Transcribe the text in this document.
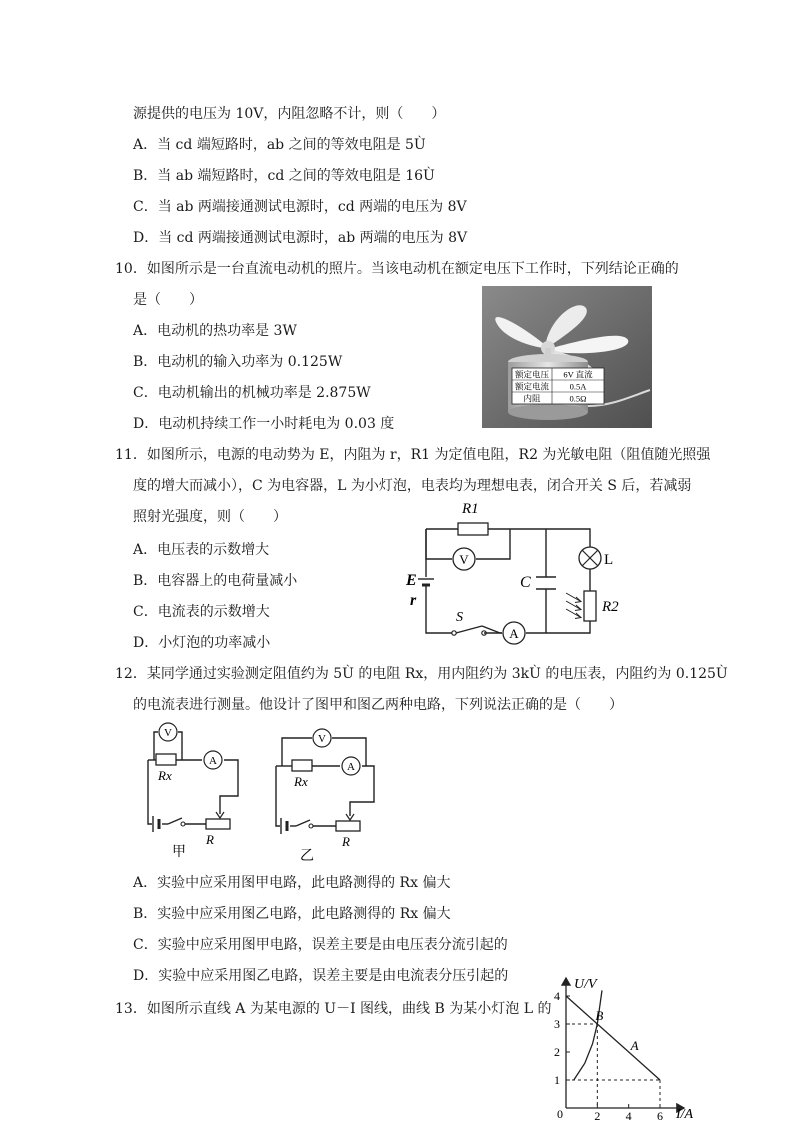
源提供的电压为 10V，内阻忽略不计，则（　　）
A．当 cd 端短路时，ab 之间的等效电阻是 5Ù
B．当 ab 端短路时，cd 之间的等效电阻是 16Ù
C．当 ab 两端接通测试电源时，cd 两端的电压为 8V
D．当 cd 两端接通测试电源时，ab 两端的电压为 8V
10．如图所示是一台直流电动机的照片。当该电动机在额定电压下工作时，下列结论正确的
是（　　）
A．电动机的热功率是 3W
B．电动机的输入功率为 0.125W
C．电动机输出的机械功率是 2.875W
D．电动机持续工作一小时耗电为 0.03 度
额定电压 6V 直流
额定电流 0.5A
内阻	0.5Ω
11．如图所示，电源的电动势为 E，内阻为 r，R1 为定值电阻，R2 为光敏电阻（阻值随光照强
度的增大而减小），C 为电容器，L 为小灯泡，电表均为理想电表，闭合开关 S 后，若减弱
照射光强度，则（　　）
A．电压表的示数增大
B．电容器上的电荷量减小
C．电流表的示数增大
D．小灯泡的功率减小
R1
V
E
r
S
A
C
L
R2
12．某同学通过实验测定阻值约为 5Ù 的电阻 Rx，用内阻约为 3kÙ 的电压表，内阻约为 0.125Ù
的电流表进行测量。他设计了图甲和图乙两种电路，下列说法正确的是（　　）
V
A
Rx
R
甲
V
A
Rx
R
乙
A．实验中应采用图甲电路，此电路测得的 Rx 偏大
B．实验中应采用图乙电路，此电路测得的 Rx 偏大
C．实验中应采用图甲电路，误差主要是由电压表分流引起的
D．实验中应采用图乙电路，误差主要是由电流表分压引起的
13．如图所示直线 A 为某电源的 U－I 图线，曲线 B 为某小灯泡 L 的
U/V
I/A
0	2 4 6
1
2
3
4
A
B
